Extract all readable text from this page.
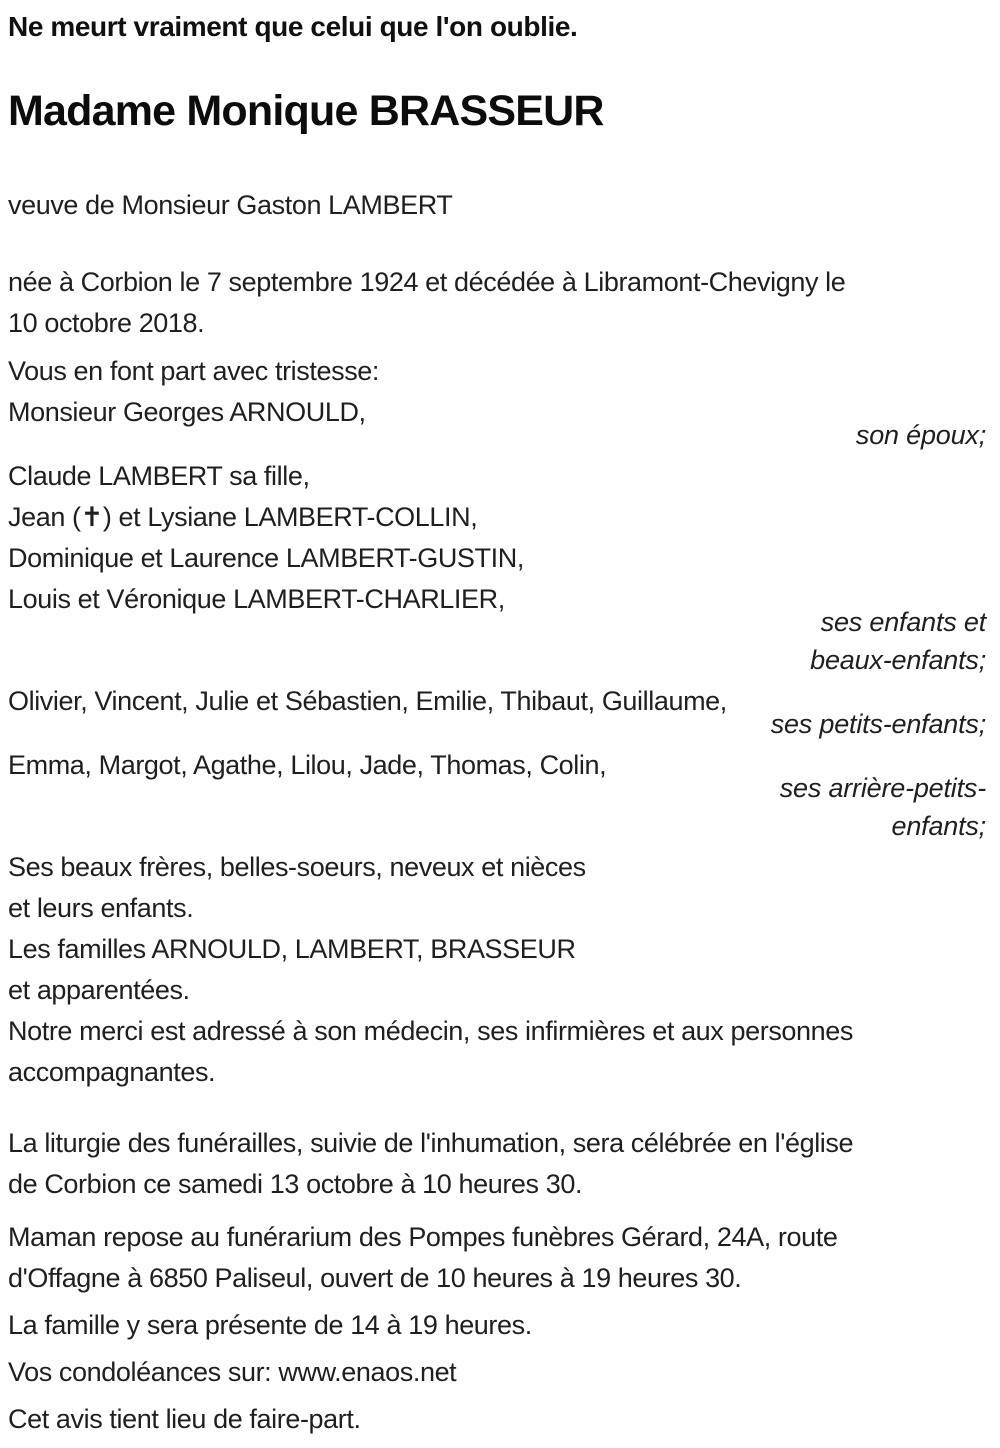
Ne meurt vraiment que celui que l'on oublie.

Madame Monique BRASSEUR

veuve de Monsieur Gaston LAMBERT

née à Corbion le 7 septembre 1924 et décédée à Libramont-Chevigny le
10 octobre 2018.
Vous en font part avec tristesse:
Monsieur Georges ARNOULD,
son époux;
Claude LAMBERT sa fille,
Jean (✝) et Lysiane LAMBERT-COLLIN,
Dominique et Laurence LAMBERT-GUSTIN,
Louis et Véronique LAMBERT-CHARLIER,
ses enfants et
beaux-enfants;
Olivier, Vincent, Julie et Sébastien, Emilie, Thibaut, Guillaume,
ses petits-enfants;
Emma, Margot, Agathe, Lilou, Jade, Thomas, Colin,
ses arrière-petits-
enfants;
Ses beaux frères, belles-soeurs, neveux et nièces
et leurs enfants.
Les familles ARNOULD, LAMBERT, BRASSEUR
et apparentées.
Notre merci est adressé à son médecin, ses infirmières et aux personnes
accompagnantes.
La liturgie des funérailles, suivie de l'inhumation, sera célébrée en l'église
de Corbion ce samedi 13 octobre à 10 heures 30.
Maman repose au funérarium des Pompes funèbres Gérard, 24A, route
d'Offagne à 6850 Paliseul, ouvert de 10 heures à 19 heures 30.
La famille y sera présente de 14 à 19 heures.
Vos condoléances sur: www.enaos.net
Cet avis tient lieu de faire-part.
